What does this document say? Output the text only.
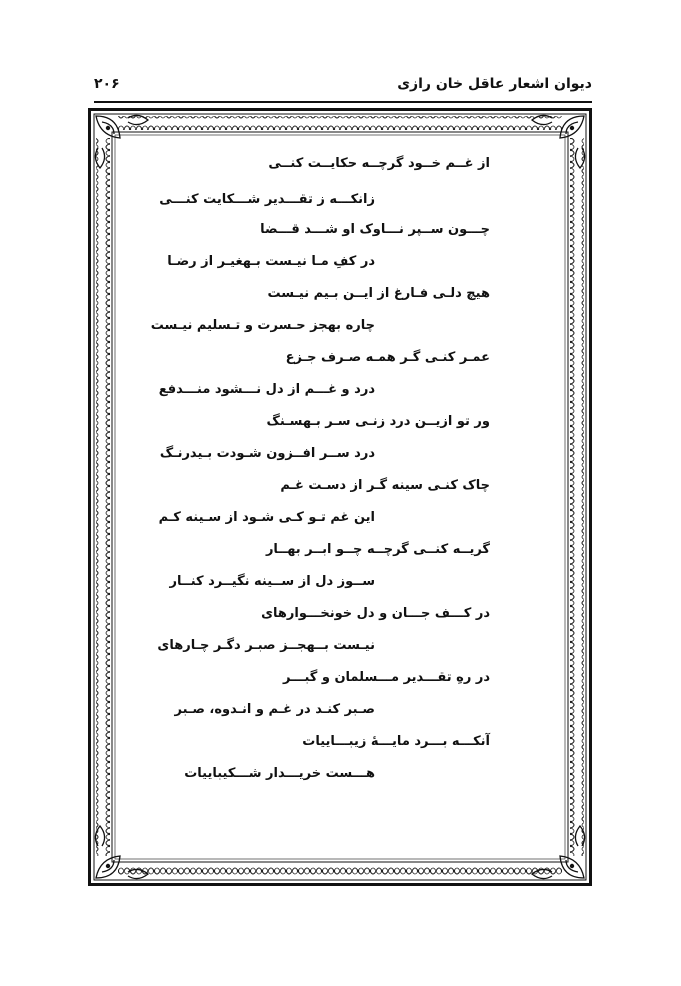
دیوان اشعار عاقل خان رازی
۲۰۶
از غــم خــود گرچــه حکایــت کنــی
زانکـــه ز تقـــدیر شـــکایت کنـــی
چـــون ســپر نـــاوک او شـــد قـــضا
در کفِ مـا نیـست بـهغیـر از رضـا
هیچ دلـی فـارغ از ایــن بـیم نیـست
چاره بهجز حـسرت و تـسلیم نیـست
عمـر کنـی گـر همـه صـرف جـزع
درد و غـــم از دل نـــشود منـــدفع
ور تو ازیــن درد زنـی سـر بـهسـنگ
درد ســر افــزون شـودت بـیدرنـگ
چاک کنـی سینه گـر از دسـت غـم
این غم تـو کـی شـود از سـینه کـم
گریــه کنــی گرچــه چــو ابــر بهــار
ســوز دل از ســینه نگیــرد کنــار
در کـــف جـــان و دل خونخـــوارهای
نیـست بــهجــز صبـر دگـر چـارهای
در رهِ تقـــدیر مـــسلمان و گبـــر
صـبر کنـد در غـم و انـدوه، صـبر
آنکـــه بـــرد مایـــهٔ زیبـــاییات
هـــست خریـــدار شـــکیباییات
